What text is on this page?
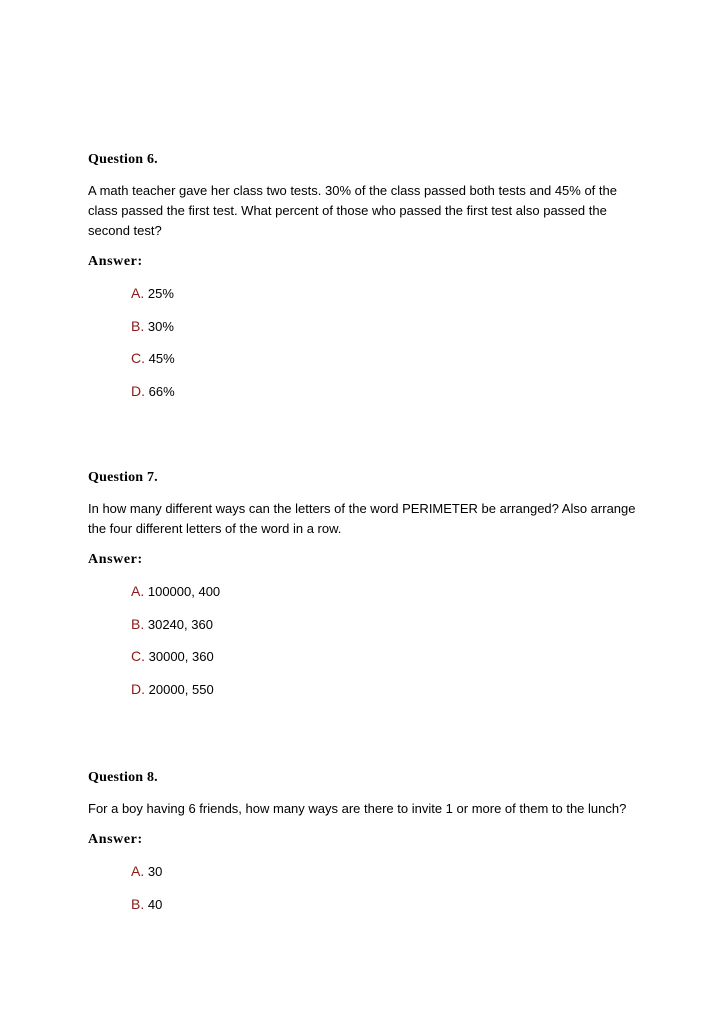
Question 6.

A math teacher gave her class two tests. 30% of the class passed both tests and 45% of the class passed the first test. What percent of those who passed the first test also passed the second test?

Answer:
A. 25%
B. 30%
C. 45%
D. 66%
Question 7.

In how many different ways can the letters of the word PERIMETER be arranged? Also arrange the four different letters of the word in a row.

Answer:
A. 100000, 400
B. 30240, 360
C. 30000, 360
D. 20000, 550
Question 8.

For a boy having 6 friends, how many ways are there to invite 1 or more of them to the lunch?

Answer:
A. 30
B. 40
